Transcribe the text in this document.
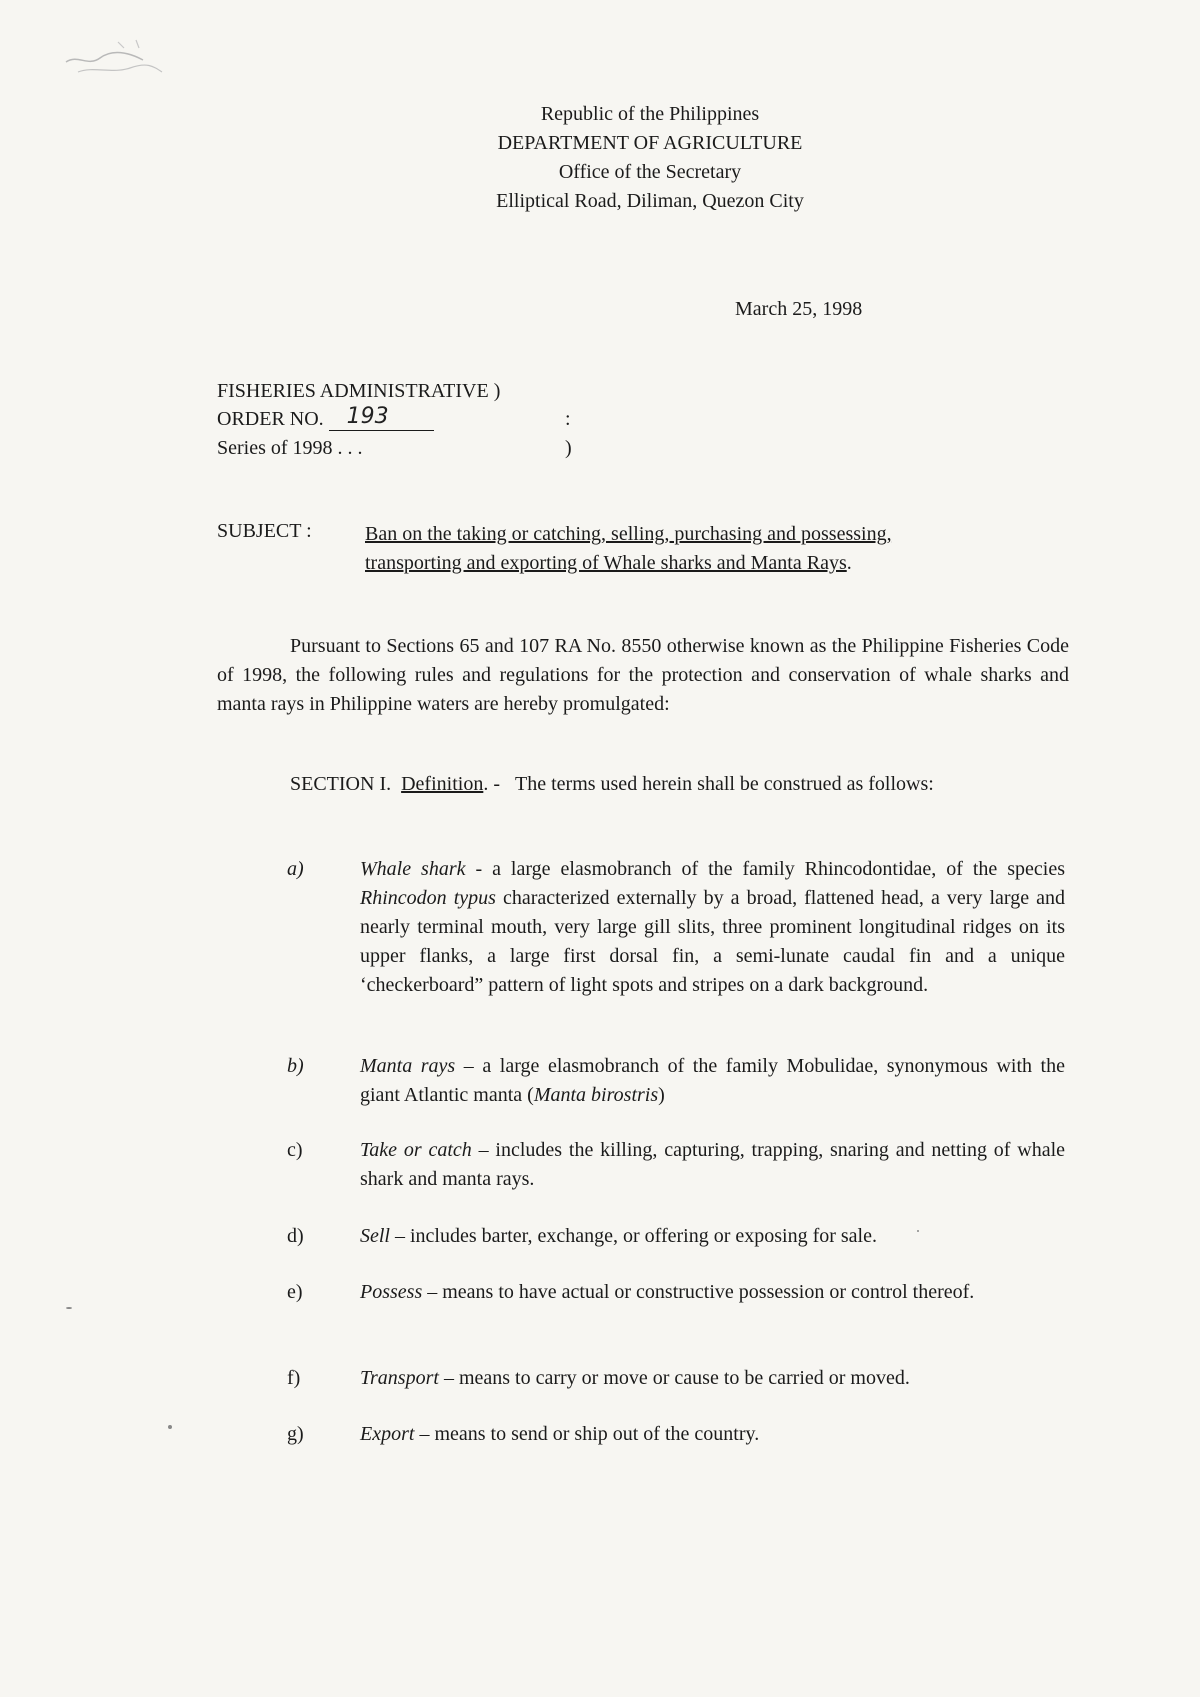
Republic of the Philippines
DEPARTMENT OF AGRICULTURE
Office of the Secretary
Elliptical Road, Diliman, Quezon City
March 25, 1998
FISHERIES ADMINISTRATIVE )
ORDER NO. 193	:
Series of 1998 . . .	)
SUBJECT :	Ban on the taking or catching, selling, purchasing and possessing,
transporting and exporting of Whale sharks and Manta Rays.
Pursuant to Sections 65 and 107 RA No. 8550 otherwise known as the Philippine Fisheries Code of 1998, the following rules and regulations for the protection and conservation of whale sharks and manta rays in Philippine waters are hereby promulgated:
SECTION I. Definition. - The terms used herein shall be construed as follows:
a)	Whale shark - a large elasmobranch of the family Rhincodontidae, of the species Rhincodon typus characterized externally by a broad, flattened head, a very large and nearly terminal mouth, very large gill slits, three prominent longitudinal ridges on its upper flanks, a large first dorsal fin, a semi-lunate caudal fin and a unique ‘checkerboard” pattern of light spots and stripes on a dark background.
b)	Manta rays – a large elasmobranch of the family Mobulidae, synonymous with the giant Atlantic manta (Manta birostris)
c)	Take or catch – includes the killing, capturing, trapping, snaring and netting of whale shark and manta rays.
d)	Sell – includes barter, exchange, or offering or exposing for sale.
e)	Possess – means to have actual or constructive possession or control thereof.
f)	Transport – means to carry or move or cause to be carried or moved.
g)	Export – means to send or ship out of the country.
